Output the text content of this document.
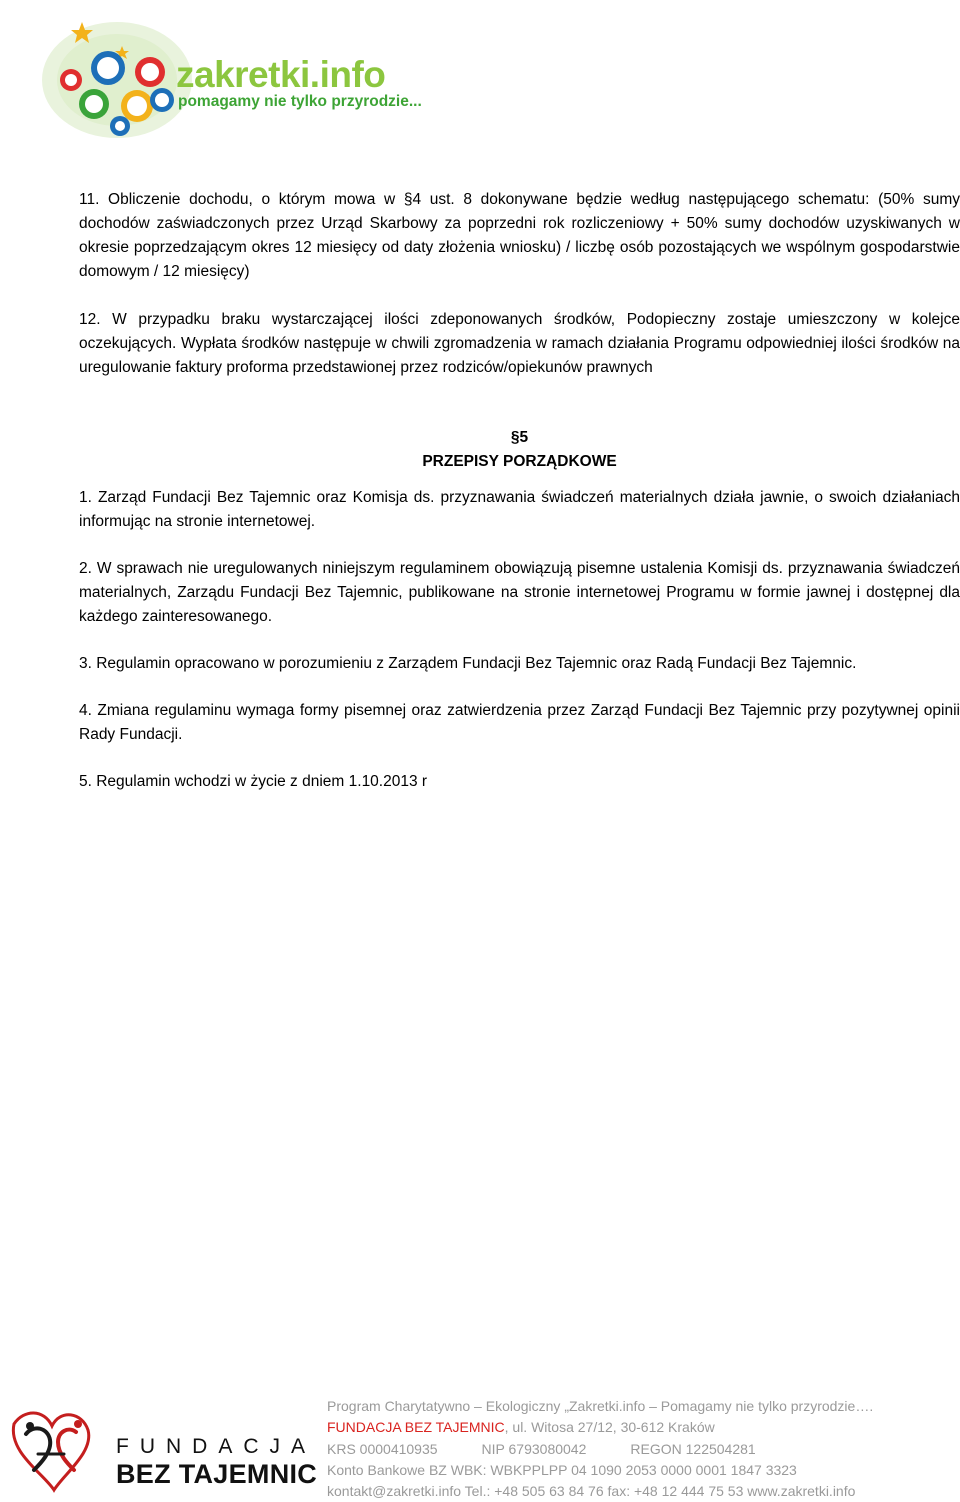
zakretki.info
pomagamy nie tylko przyrodzie...

11. Obliczenie dochodu, o którym mowa w §4 ust. 8 dokonywane będzie według następującego schematu: (50% sumy dochodów zaświadczonych przez Urząd Skarbowy za poprzedni rok rozliczeniowy + 50% sumy dochodów uzyskiwanych w okresie poprzedzającym okres 12 miesięcy od daty złożenia wniosku) / liczbę osób pozostających we wspólnym gospodarstwie domowym / 12 miesięcy)

12. W przypadku braku wystarczającej ilości zdeponowanych środków, Podopieczny zostaje umieszczony w kolejce oczekujących. Wypłata środków następuje w chwili zgromadzenia w ramach działania Programu odpowiedniej ilości środków na uregulowanie faktury proforma przedstawionej przez rodziców/opiekunów prawnych

§5

PRZEPISY PORZĄDKOWE

1. Zarząd Fundacji Bez Tajemnic oraz Komisja ds. przyznawania świadczeń materialnych działa jawnie, o swoich działaniach informując na stronie internetowej.

2. W sprawach nie uregulowanych niniejszym regulaminem obowiązują pisemne ustalenia Komisji ds. przyznawania świadczeń materialnych, Zarządu Fundacji Bez Tajemnic, publikowane na stronie internetowej Programu w formie jawnej i dostępnej dla każdego zainteresowanego.

3. Regulamin opracowano w porozumieniu z Zarządem Fundacji Bez Tajemnic oraz Radą Fundacji Bez Tajemnic.

4. Zmiana regulaminu wymaga formy pisemnej oraz zatwierdzenia przez Zarząd Fundacji Bez Tajemnic przy pozytywnej opinii Rady Fundacji.

5. Regulamin wchodzi w życie z dniem 1.10.2013 r

FUNDACJA
BEZ TAJEMNIC
Program Charytatywno – Ekologiczny „Zakretki.info – Pomagamy nie tylko przyrodzie….
FUNDACJA BEZ TAJEMNIC, ul. Witosa 27/12, 30-612 Kraków
KRS 0000410935	NIP 6793080042	REGON 122504281
Konto Bankowe BZ WBK: WBKPPLPP 04 1090 2053 0000 0001 1847 3323
kontakt@zakretki.info Tel.: +48 505 63 84 76 fax: +48 12 444 75 53 www.zakretki.info
